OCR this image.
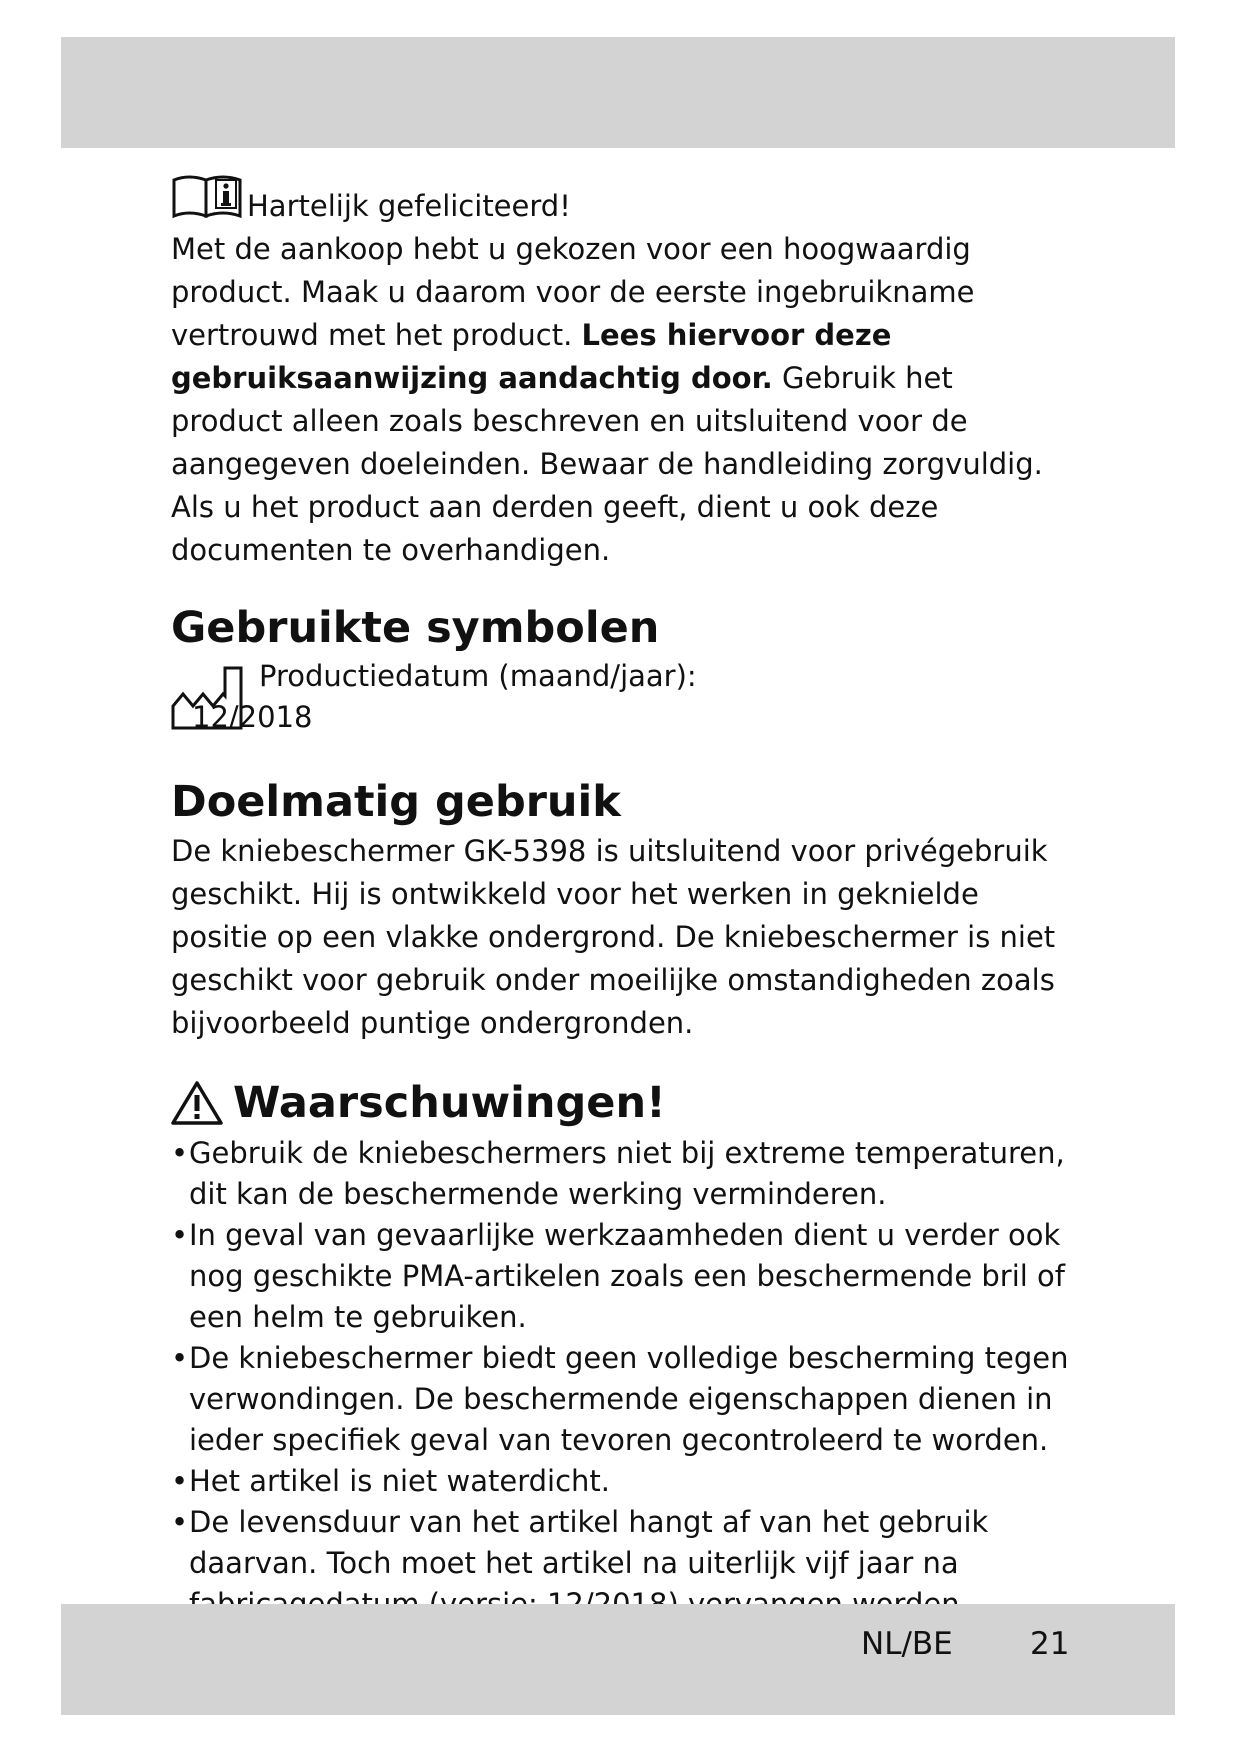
Hartelijk gefeliciteerd!

Met de aankoop hebt u gekozen voor een hoogwaardig product. Maak u daarom voor de eerste ingebruikname vertrouwd met het product. Lees hiervoor deze gebruiksaanwijzing aandachtig door. Gebruik het product alleen zoals beschreven en uitsluitend voor de aangegeven doeleinden. Bewaar de handleiding zorgvuldig. Als u het product aan derden geeft, dient u ook deze documenten te overhandigen.

Gebruikte symbolen
Productiedatum (maand/jaar):
12/2018
Doelmatig gebruik

De kniebeschermer GK-5398 is uitsluitend voor privégebruik geschikt. Hij is ontwikkeld voor het werken in geknielde positie op een vlakke ondergrond. De kniebeschermer is niet geschikt voor gebruik onder moeilijke omstandigheden zoals bijvoorbeeld puntige ondergronden.

Waarschuwingen!
• Gebruik de kniebeschermers niet bij extreme temperaturen, dit kan de beschermende werking verminderen.
• In geval van gevaarlijke werkzaamheden dient u verder ook nog geschikte PMA-artikelen zoals een beschermende bril of een helm te gebruiken.
• De kniebeschermer biedt geen volledige bescherming tegen verwondingen. De beschermende eigenschappen dienen in ieder specifiek geval van tevoren gecontroleerd te worden.
• Het artikel is niet waterdicht.
• De levensduur van het artikel hangt af van het gebruik daarvan. Toch moet het artikel na uiterlijk vijf jaar na
NL/BE 21
